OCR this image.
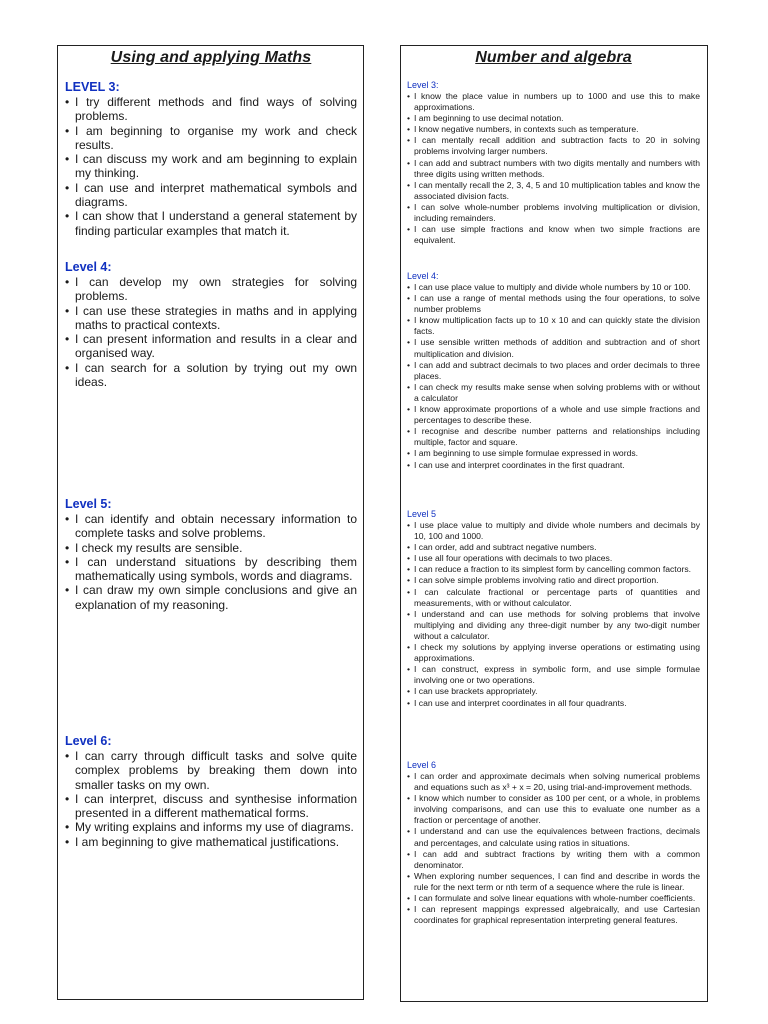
Using and applying Maths
LEVEL 3:
• I try different methods and find ways of solving problems.
• I am beginning to organise my work and check results.
• I can discuss my work and am beginning to explain my thinking.
• I can use and interpret mathematical symbols and diagrams.
• I can show that I understand a general statement by finding particular examples that match it.
Level 4:
• I can develop my own strategies for solving problems.
• I can use these strategies in maths and in applying maths to practical contexts.
• I can present information and results in a clear and organised way.
• I can search for a solution by trying out my own ideas.
Level 5:
• I can identify and obtain necessary information to complete tasks and solve problems.
• I check my results are sensible.
• I can understand situations by describing them mathematically using symbols, words and diagrams.
• I can draw my own simple conclusions and give an explanation of my reasoning.
Level 6:
• I can carry through difficult tasks and solve quite complex problems by breaking them down into smaller tasks on my own.
• I can interpret, discuss and synthesise information presented in a different mathematical forms.
• My writing explains and informs my use of diagrams.
• I am beginning to give mathematical justifications.
Number and algebra
Level 3:
• I know the place value in numbers up to 1000 and use this to make approximations.
• I am beginning to use decimal notation.
• I know negative numbers, in contexts such as temperature.
• I can mentally recall addition and subtraction facts to 20 in solving problems involving larger numbers.
• I can add and subtract numbers with two digits mentally and numbers with three digits using written methods.
• I can mentally recall the 2, 3, 4, 5 and 10 multiplication tables and know the associated division facts.
• I can solve whole-number problems involving multiplication or division, including remainders.
• I can use simple fractions and know when two simple fractions are equivalent.
Level 4:
• I can use place value to multiply and divide whole numbers by 10 or 100.
• I can use a range of mental methods using the four operations, to solve number problems
• I know multiplication facts up to 10 x 10 and can quickly state the division facts.
• I use sensible written methods of addition and subtraction and of short multiplication and division.
• I can add and subtract decimals to two places and order decimals to three places.
• I can check my results make sense when solving problems with or without a calculator
• I know approximate proportions of a whole and use simple fractions and percentages to describe these.
• I recognise and describe number patterns and relationships including multiple, factor and square.
• I am beginning to use simple formulae expressed in words.
• I can use and interpret coordinates in the first quadrant.
Level 5
• I use place value to multiply and divide whole numbers and decimals by 10, 100 and 1000.
• I can order, add and subtract negative numbers.
• I use all four operations with decimals to two places.
• I can reduce a fraction to its simplest form by cancelling common factors.
• I can solve simple problems involving ratio and direct proportion.
• I can calculate fractional or percentage parts of quantities and measurements, with or without calculator.
• I understand and can use methods for solving problems that involve multiplying and dividing any three-digit number by any two-digit number without a calculator.
• I check my solutions by applying inverse operations or estimating using approximations.
• I can construct, express in symbolic form, and use simple formulae involving one or two operations.
• I can use brackets appropriately.
• I can use and interpret coordinates in all four quadrants.
Level 6
• I can order and approximate decimals when solving numerical problems and equations such as x³ + x = 20, using trial-and-improvement methods.
• I know which number to consider as 100 per cent, or a whole, in problems involving comparisons, and can use this to evaluate one number as a fraction or percentage of another.
• I understand and can use the equivalences between fractions, decimals and percentages, and calculate using ratios in situations.
• I can add and subtract fractions by writing them with a common denominator.
• When exploring number sequences, I can find and describe in words the rule for the next term or nth term of a sequence where the rule is linear.
• I can formulate and solve linear equations with whole-number coefficients.
• I can represent mappings expressed algebraically, and use Cartesian coordinates for graphical representation interpreting general features.
